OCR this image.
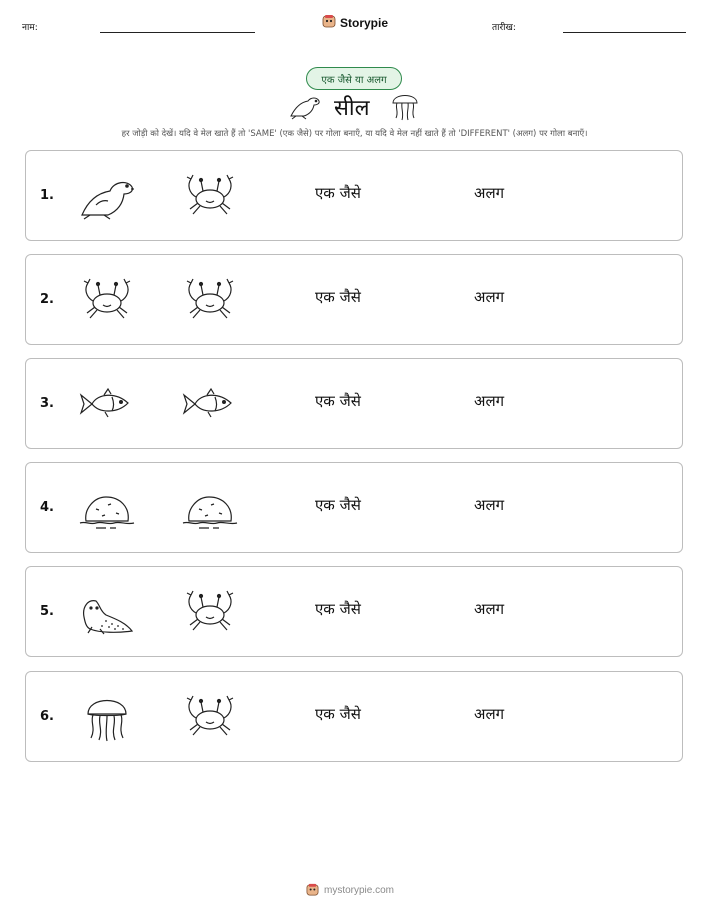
नाम:	Storypie	तारीख:
एक जैसे या अलग
सील
हर जोड़ी को देखें। यदि वे मेल खाते हैं तो 'SAME' (एक जैसे) पर गोला बनाएँ, या यदि वे मेल नहीं खाते हैं तो 'DIFFERENT' (अलग) पर गोला बनाएँ।
1.	एक जैसे	अलग
2.	एक जैसे	अलग
3.	एक जैसे	अलग
4.	एक जैसे	अलग
5.	एक जैसे	अलग
6.	एक जैसे	अलग
mystorypie.com
